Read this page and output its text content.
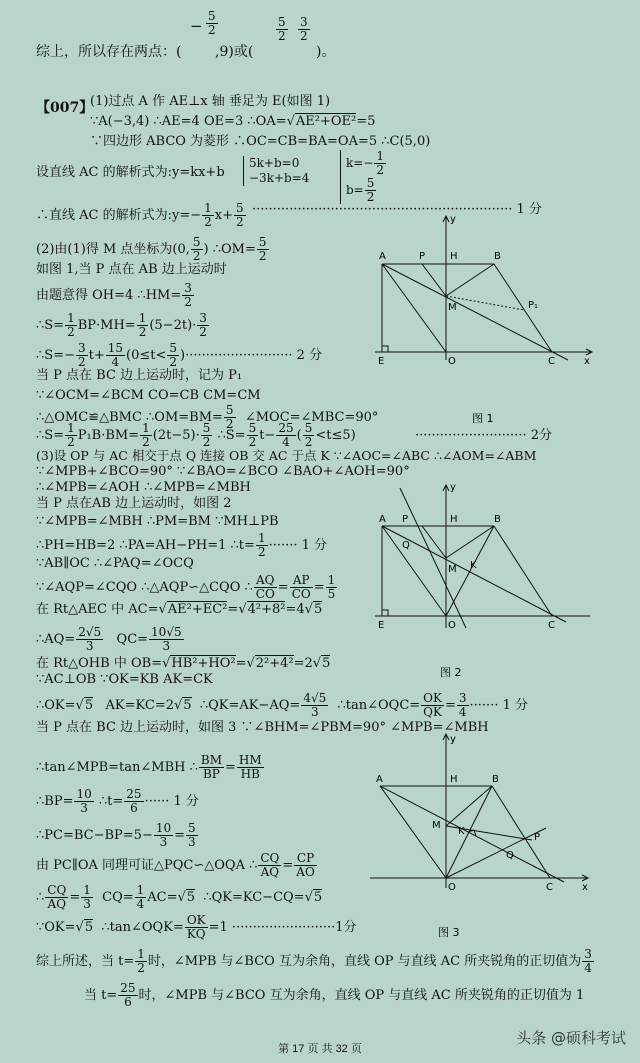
− $\frac{5}{2}$	$\frac{5}{2} \frac{3}{2}$
综上，所以存在两点：( ,9)或(	)。
【007】
(1)过点 A 作 AE⊥x 轴 垂足为 E(如图 1)
∵A(−3,4) ∴AE=4 OE=3 ∴OA=√AE²+OE²=5
∵四边形 ABCO 为菱形 ∴OC=CB=BA=OA=5 ∴C(5,0)
设直线 AC 的解析式为:y=kx+b
5k+b=0
−3k+b=4
$k=- \frac{1}{2}$
$b= \frac{5}{2}$
∴直线 AC 的解析式为:y=− $\frac{1}{2} x+ \frac{5}{2}$ ······························································· 1 分
(2)由(1)得 M 点坐标为(0, $\frac{5}{2}$ ) ∴OM= $\frac{5}{2}$
如图 1,当 P 点在 AB 边上运动时
由题意得 OH=4 ∴HM= $\frac{3}{2}$
∴S= $\frac{1}{2} BP\cdot MH= \frac{1}{2} (5-2t)\cdot \frac{3}{2}$
∴S=− $\frac{3}{2} t+ \frac{15}{4} (0\le t< \frac{5}{2}$ )·························· 2 分
当 P 点在 BC 边上运动时，记为 P₁
∵∠OCM=∠BCM CO=CB CM=CM
∴△OMC≌△BMC ∴OM=BM= $\frac{5}{2}$ ∠MOC=∠MBC=90°
∴S= $\frac{1}{2} P_1B\cdot BM= \frac{1}{2} (2t-5)\cdot \frac{5}{2}$ ∴S= $\frac{5}{2} t- \frac{25}{4}$ ( $\frac{5}{2} <t\le 5$)	··························· 2分
(3)设 OP 与 AC 相交于点 Q 连接 OB 交 AC 于点 K ∵∠AOC=∠ABC ∴∠AOM=∠ABM
∵∠MPB+∠BCO=90° ∵∠BAO=∠BCO ∠BAO+∠AOH=90°
∴∠MPB=∠AOH ∴∠MPB=∠MBH
当 P 点在AB 边上运动时，如图 2
∵∠MPB=∠MBH ∴PM=BM ∵MH⊥PB
∴PH=HB=2 ∴PA=AH−PH=1 ∴t= $\frac{1}{2}$ ······· 1 分
∵AB∥OC ∴∠PAQ=∠OCQ
∵∠AQP=∠CQO ∴△AQP∽△CQO ∴ $\frac{AQ}{CO} = \frac{AP}{CO} = \frac{1}{5}$
在 Rt△AEC 中 AC=√AE²+EC²=√4²+8²=4√5
∴AQ= $\frac{2√5}{3} QC= \frac{10√5}{3}$
在 Rt△OHB 中 OB=√HB²+HO²=√2²+4²=2√5
∵AC⊥OB ∵OK=KB AK=CK
∴OK=√5 AK=KC=2√5 ∴QK=AK−AQ= $\frac{4√5}{3}$ ∴tan∠OQC= $\frac{OK}{QK} = \frac{3}{4}$ ······· 1 分
当 P 点在 BC 边上运动时，如图 3 ∵∠BHM=∠PBM=90° ∠MPB=∠MBH
∴tan∠MPB=tan∠MBH ∴ $\frac{BM}{BP} = \frac{HM}{HB}$
∴BP= $\frac{10}{3}$ ∴t= $\frac{25}{6}$ ······ 1 分
∴PC=BC−BP=5− $\frac{10}{3} = \frac{5}{3}$
由 PC∥OA 同理可证△PQC∽△OQA ∴ $\frac{CQ}{AQ} = \frac{CP}{AO}$
∴ $\frac{CQ}{AQ} = \frac{1}{3} CQ= \frac{1}{4} AC=√5$ ∴QK=KC−CQ=√5
∵OK=√5 ∴tan∠OQK= $\frac{OK}{KQ} =1 \cdot\cdot\cdot\cdot\cdot\cdot\cdot\cdot\cdot\cdot\cdot\cdot\cdot\cdot\cdot\cdot\cdot\cdot\cdot\cdot\cdot\cdot\cdot\cdot\cdot 1$分
综上所述，当 $t= \frac{1}{2}$ 时，∠MPB 与∠BCO 互为余角，直线 OP 与直线 AC 所夹锐角的正切值为 $\frac{3}{4}$
当 $t= \frac{25}{6}$ 时，∠MPB 与∠BCO 互为余角，直线 OP 与直线 AC 所夹锐角的正切值为 1
A	P H	B
M	P₁
E	O	C	x
y
图 1
A P	H	B
Q
M K
E	O	C
y
图 2
A	H	B
M
K
P
Q
O	C	x
y
图 3
第 17 页 共 32 页
头条 @硕科考试
